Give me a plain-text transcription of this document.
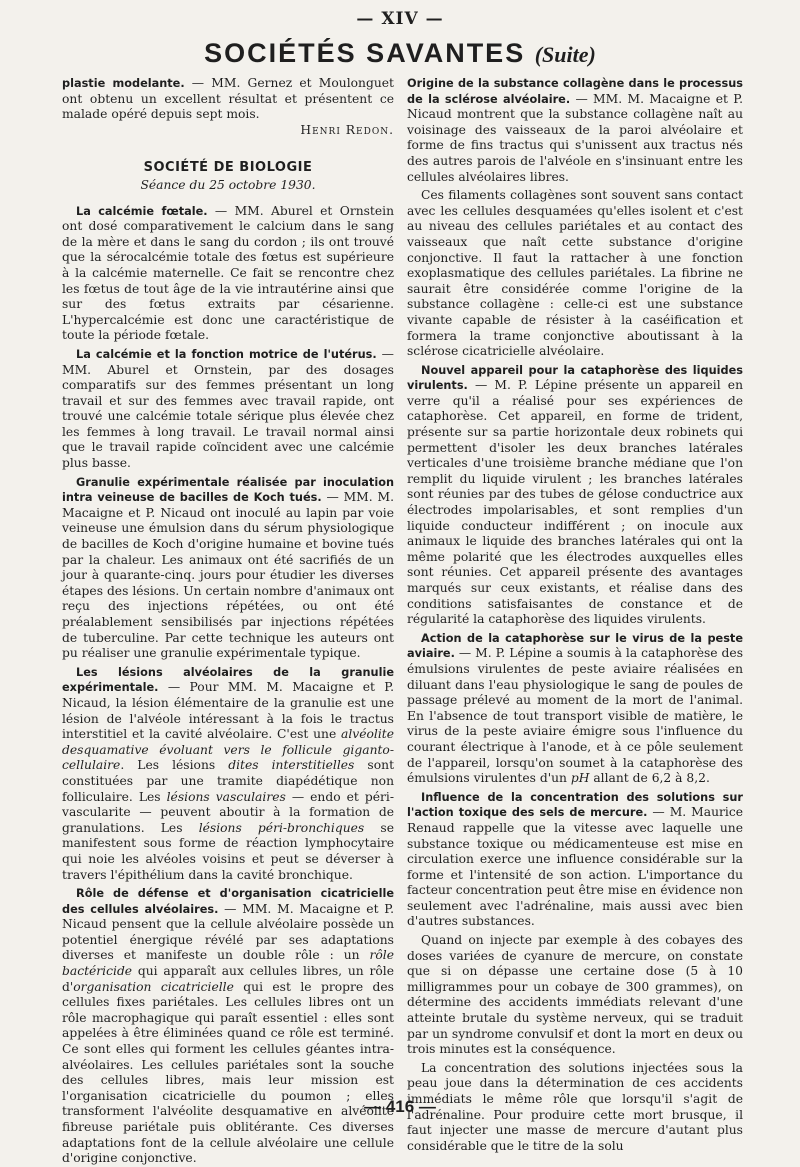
— XIV —
SOCIÉTÉS SAVANTES (Suite)

plastie modelante. — MM. Gernez et Moulonguet ont obtenu un excellent résultat et présentent ce malade opéré depuis sept mois.

Henri Redon.

SOCIÉTÉ DE BIOLOGIE
Séance du 25 octobre 1930.

La calcémie fœtale. — MM. Aburel et Ornstein ont dosé comparativement le calcium dans le sang de la mère et dans le sang du cordon ; ils ont trouvé que la sérocalcémie totale des fœtus est supérieure à la calcémie maternelle. Ce fait se rencontre chez les fœtus de tout âge de la vie intrautérine ainsi que sur des fœtus extraits par césarienne. L'hypercalcémie est donc une caractéristique de toute la période fœtale.

La calcémie et la fonction motrice de l'utérus. — MM. Aburel et Ornstein, par des dosages comparatifs sur des femmes présentant un long travail et sur des femmes avec travail rapide, ont trouvé une calcémie totale sérique plus élevée chez les femmes à long travail. Le travail normal ainsi que le travail rapide coïncident avec une calcémie plus basse.

Granulie expérimentale réalisée par inoculation intra veineuse de bacilles de Koch tués. — MM. M. Macaigne et P. Nicaud ont inoculé au lapin par voie veineuse une émulsion dans du sérum physiologique de bacilles de Koch d'origine humaine et bovine tués par la chaleur. Les animaux ont été sacrifiés de un jour à quarante-cinq. jours pour étudier les diverses étapes des lésions. Un certain nombre d'animaux ont reçu des injections répétées, ou ont été préalablement sensibilisés par injections répétées de tuberculine. Par cette technique les auteurs ont pu réaliser une granulie expérimentale typique.

Les lésions alvéolaires de la granulie expérimentale. — Pour MM. M. Macaigne et P. Nicaud, la lésion élémentaire de la granulie est une lésion de l'alvéole intéressant à la fois le tractus interstitiel et la cavité alvéolaire. C'est une alvéolite desquamative évoluant vers le follicule giganto-cellulaire. Les lésions dites interstitielles sont constituées par une tramite diapédétique non folliculaire. Les lésions vasculaires — endo et péri-vascularite — peuvent aboutir à la formation de granulations. Les lésions péri-bronchiques se manifestent sous forme de réaction lymphocytaire qui noie les alvéoles voisins et peut se déverser à travers l'épithélium dans la cavité bronchique.

Rôle de défense et d'organisation cicatricielle des cellules alvéolaires. — MM. M. Macaigne et P. Nicaud pensent que la cellule alvéolaire possède un potentiel énergique révélé par ses adaptations diverses et manifeste un double rôle : un rôle bactéricide qui apparaît aux cellules libres, un rôle d'organisation cicatricielle qui est le propre des cellules fixes pariétales. Les cellules libres ont un rôle macrophagique qui paraît essentiel : elles sont appelées à être éliminées quand ce rôle est terminé. Ce sont elles qui forment les cellules géantes intra-alvéolaires. Les cellules pariétales sont la souche des cellules libres, mais leur mission est l'organisation cicatricielle du poumon ; elles transforment l'alvéolite desquamative en alvéolite fibreuse pariétale puis oblitérante. Ces diverses adaptations font de la cellule alvéolaire une cellule d'origine conjonctive.

Origine de la substance collagène dans le processus de la sclérose alvéolaire. — MM. M. Macaigne et P. Nicaud montrent que la substance collagène naît au voisinage des vaisseaux de la paroi alvéolaire et forme de fins tractus qui s'unissent aux tractus nés des autres parois de l'alvéole en s'insinuant entre les cellules alvéolaires libres.

Ces filaments collagènes sont souvent sans contact avec les cellules desquamées qu'elles isolent et c'est au niveau des cellules pariétales et au contact des vaisseaux que naît cette substance d'origine conjonctive. Il faut la rattacher à une fonction exoplasmatique des cellules pariétales. La fibrine ne saurait être considérée comme l'origine de la substance collagène : celle-ci est une substance vivante capable de résister à la caséification et formera la trame conjonctive aboutissant à la sclérose cicatricielle alvéolaire.

Nouvel appareil pour la cataphorèse des liquides virulents. — M. P. Lépine présente un appareil en verre qu'il a réalisé pour ses expériences de cataphorèse. Cet appareil, en forme de trident, présente sur sa partie horizontale deux robinets qui permettent d'isoler les deux branches latérales verticales d'une troisième branche médiane que l'on remplit du liquide virulent ; les branches latérales sont réunies par des tubes de gélose conductrice aux électrodes impolarisables, et sont remplies d'un liquide conducteur indifférent ; on inocule aux animaux le liquide des branches latérales qui ont la même polarité que les électrodes auxquelles elles sont réunies. Cet appareil présente des avantages marqués sur ceux existants, et réalise dans des conditions satisfaisantes de constance et de régularité la cataphorèse des liquides virulents.

Action de la cataphorèse sur le virus de la peste aviaire. — M. P. Lépine a soumis à la cataphorèse des émulsions virulentes de peste aviaire réalisées en diluant dans l'eau physiologique le sang de poules de passage prélevé au moment de la mort de l'animal. En l'absence de tout transport visible de matière, le virus de la peste aviaire émigre sous l'influence du courant électrique à l'anode, et à ce pôle seulement de l'appareil, lorsqu'on soumet à la cataphorèse des émulsions virulentes d'un pH allant de 6,2 à 8,2.

Influence de la concentration des solutions sur l'action toxique des sels de mercure. — M. Maurice Renaud rappelle que la vitesse avec laquelle une substance toxique ou médicamenteuse est mise en circulation exerce une influence considérable sur la forme et l'intensité de son action. L'importance du facteur concentration peut être mise en évidence non seulement avec l'adrénaline, mais aussi avec bien d'autres substances.

Quand on injecte par exemple à des cobayes des doses variées de cyanure de mercure, on constate que si on dépasse une certaine dose (5 à 10 milligrammes pour un cobaye de 300 grammes), on détermine des accidents immédiats relevant d'une atteinte brutale du système nerveux, qui se traduit par un syndrome convulsif et dont la mort en deux ou trois minutes est la conséquence.

La concentration des solutions injectées sous la peau joue dans la détermination de ces accidents immédiats le même rôle que lorsqu'il s'agit de l'adrénaline. Pour produire cette mort brusque, il faut injecter une masse de mercure d'autant plus considérable que le titre de la solu

— 416 —
